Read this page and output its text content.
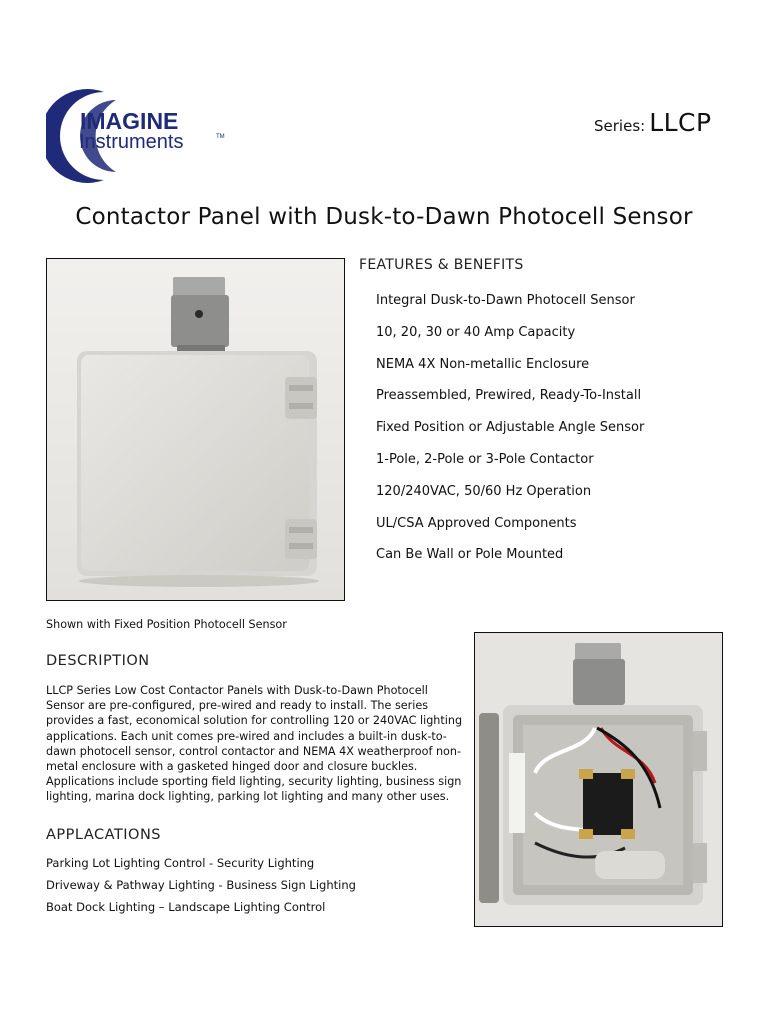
IMAGINE
Instruments	TM
Series: LLCP
Contactor Panel with Dusk-to-Dawn Photocell Sensor
FEATURES & BENEFITS
Integral Dusk-to-Dawn Photocell Sensor
10, 20, 30 or 40 Amp Capacity
NEMA 4X Non-metallic Enclosure
Preassembled, Prewired, Ready-To-Install
Fixed Position or Adjustable Angle Sensor
1-Pole, 2-Pole or 3-Pole Contactor
120/240VAC, 50/60 Hz Operation
UL/CSA Approved Components
Can Be Wall or Pole Mounted
Shown with Fixed Position Photocell Sensor
DESCRIPTION

LLCP Series Low Cost Contactor Panels with Dusk-to-Dawn Photocell Sensor are pre-configured, pre-wired and ready to install. The series provides a fast, economical solution for controlling 120 or 240VAC lighting applications. Each unit comes pre-wired and includes a built-in dusk-to-dawn photocell sensor, control contactor and NEMA 4X weatherproof non-metal enclosure with a gasketed hinged door and closure buckles. Applications include sporting field lighting, security lighting, business sign lighting, marina dock lighting, parking lot lighting and many other uses.

APPLACATIONS
Parking Lot Lighting Control - Security Lighting
Driveway & Pathway Lighting - Business Sign Lighting
Boat Dock Lighting – Landscape Lighting Control
